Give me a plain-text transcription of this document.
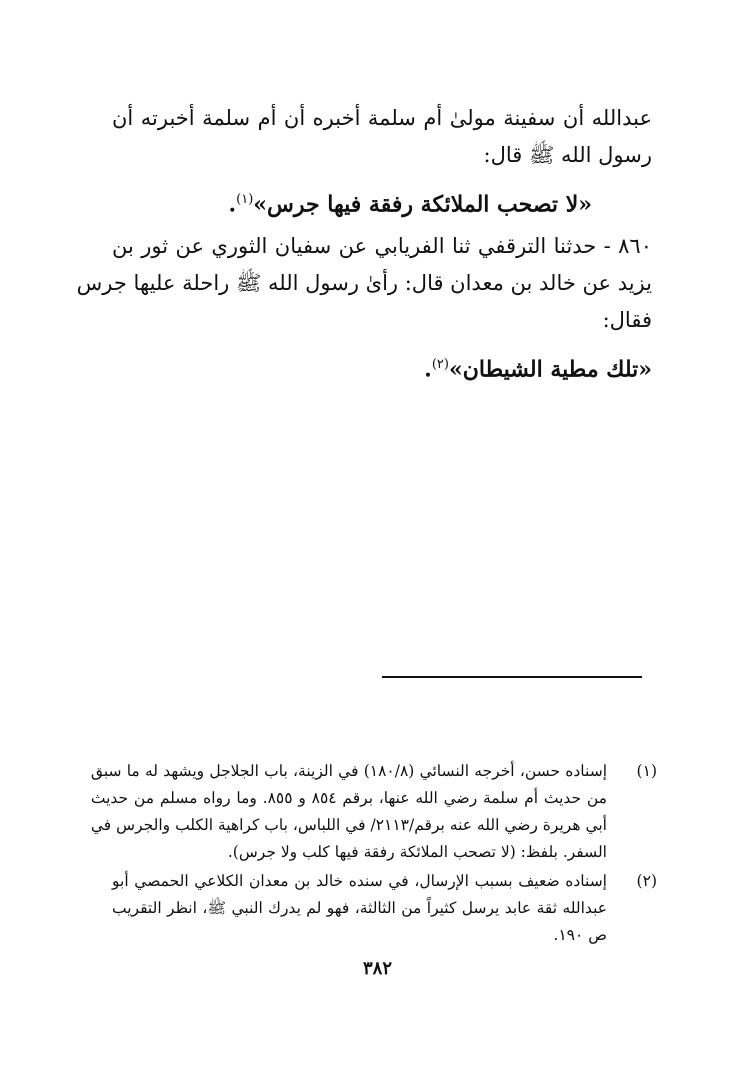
عبدالله أن سفينة مولىٰ أم سلمة أخبره أن أم سلمة أخبرته أن
رسول الله ﷺ قال:
«لا تصحب الملائكة رفقة فيها جرس»$^{(١)}$.
٨٦٠ - حدثنا الترقفي ثنا الفريابي عن سفيان الثوري عن ثور بن
يزيد عن خالد بن معدان قال: رأىٰ رسول الله ﷺ راحلة عليها جرس
فقال:
«تلك مطية الشيطان»$^{(٢)}$.
(١)
إسناده حسن، أخرجه النسائي (١٨٠/٨) في الزينة، باب الجلاجل ويشهد له ما سبق
من حديث أم سلمة رضي الله عنها، برقم ٨٥٤ و ٨٥٥. وما رواه مسلم من حديث
أبي هريرة رضي الله عنه برقم/٢١١٣/ في اللباس، باب كراهية الكلب والجرس في
السفر. بلفظ: (لا تصحب الملائكة رفقة فيها كلب ولا جرس).
(٢)
إسناده ضعيف بسبب الإرسال، في سنده خالد بن معدان الكلاعي الحمصي أبو
عبدالله ثقة عابد يرسل كثيراً من الثالثة، فهو لم يدرك النبي ﷺ، انظر التقريب
ص ١٩٠.
٣٨٢
